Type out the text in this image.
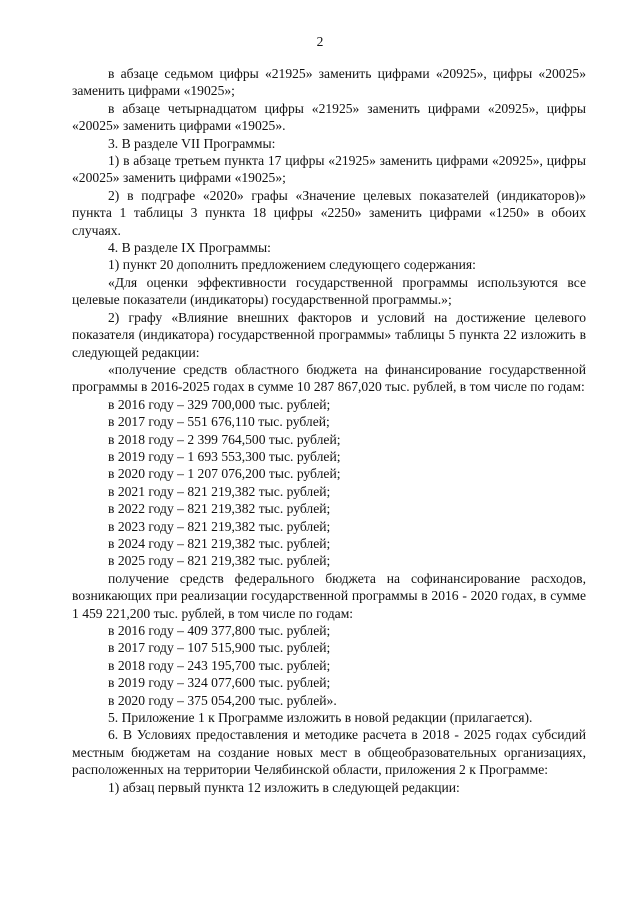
2

в абзаце седьмом цифры «21925» заменить цифрами «20925», цифры «20025» заменить цифрами «19025»;

в абзаце четырнадцатом цифры «21925» заменить цифрами «20925», цифры «20025» заменить цифрами «19025».

3. В разделе VII Программы:

1) в абзаце третьем пункта 17 цифры «21925» заменить цифрами «20925», цифры «20025» заменить цифрами «19025»;

2) в подграфе «2020» графы «Значение целевых показателей (индикаторов)» пункта 1 таблицы 3 пункта 18 цифры «2250» заменить цифрами «1250» в обоих случаях.

4. В разделе IX Программы:

1) пункт 20 дополнить предложением следующего содержания:

«Для оценки эффективности государственной программы используются все целевые показатели (индикаторы) государственной программы.»;

2) графу «Влияние внешних факторов и условий на достижение целевого показателя (индикатора) государственной программы» таблицы 5 пункта 22 изложить в следующей редакции:

«получение средств областного бюджета на финансирование государственной программы в 2016-2025 годах в сумме 10 287 867,020 тыс. рублей, в том числе по годам:

в 2016 году – 329 700,000 тыс. рублей;

в 2017 году – 551 676,110 тыс. рублей;

в 2018 году – 2 399 764,500 тыс. рублей;

в 2019 году – 1 693 553,300 тыс. рублей;

в 2020 году – 1 207 076,200 тыс. рублей;

в 2021 году – 821 219,382 тыс. рублей;

в 2022 году – 821 219,382 тыс. рублей;

в 2023 году – 821 219,382 тыс. рублей;

в 2024 году – 821 219,382 тыс. рублей;

в 2025 году – 821 219,382 тыс. рублей;

получение средств федерального бюджета на софинансирование расходов, возникающих при реализации государственной программы в 2016 - 2020 годах, в сумме 1 459 221,200 тыс. рублей, в том числе по годам:

в 2016 году – 409 377,800 тыс. рублей;

в 2017 году – 107 515,900 тыс. рублей;

в 2018 году – 243 195,700 тыс. рублей;

в 2019 году – 324 077,600 тыс. рублей;

в 2020 году – 375 054,200 тыс. рублей».

5. Приложение 1 к Программе изложить в новой редакции (прилагается).

6. В Условиях предоставления и методике расчета в 2018 - 2025 годах субсидий местным бюджетам на создание новых мест в общеобразовательных организациях, расположенных на территории Челябинской области, приложения 2 к Программе:

1) абзац первый пункта 12 изложить в следующей редакции:
